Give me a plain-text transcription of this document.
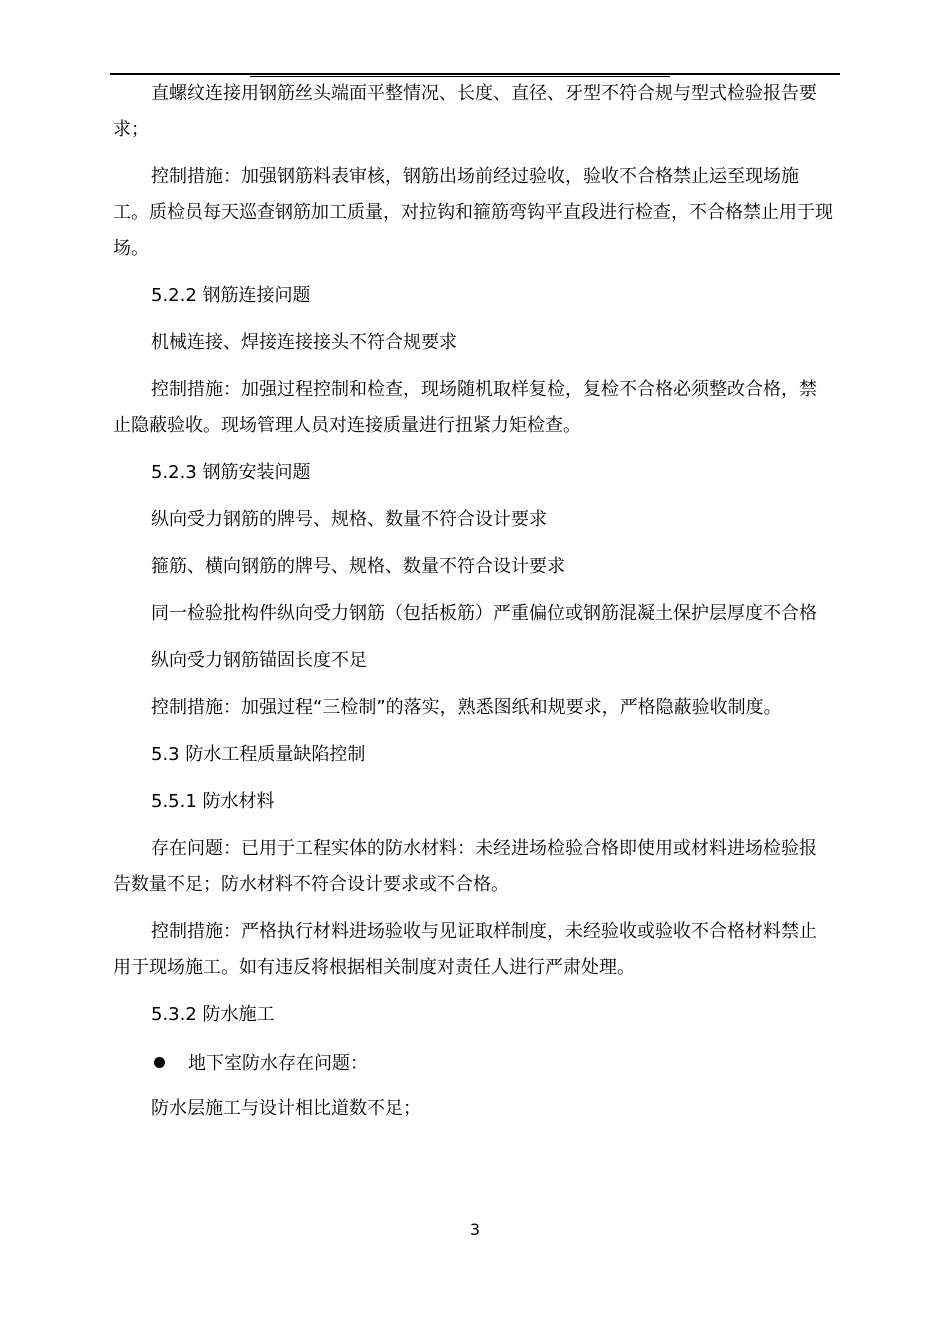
直螺纹连接用钢筋丝头端面平整情况、长度、直径、牙型不符合规与型式检验报告要求；

控制措施：加强钢筋料表审核，钢筋出场前经过验收，验收不合格禁止运至现场施工。质检员每天巡查钢筋加工质量，对拉钩和箍筋弯钩平直段进行检查，不合格禁止用于现场。

5.2.2 钢筋连接问题

机械连接、焊接连接接头不符合规要求

控制措施：加强过程控制和检查，现场随机取样复检，复检不合格必须整改合格，禁止隐蔽验收。现场管理人员对连接质量进行扭紧力矩检查。

5.2.3 钢筋安装问题

纵向受力钢筋的牌号、规格、数量不符合设计要求

箍筋、横向钢筋的牌号、规格、数量不符合设计要求

同一检验批构件纵向受力钢筋（包括板筋）严重偏位或钢筋混凝土保护层厚度不合格

纵向受力钢筋锚固长度不足

控制措施：加强过程“三检制”的落实，熟悉图纸和规要求，严格隐蔽验收制度。

5.3 防水工程质量缺陷控制

5.5.1 防水材料

存在问题：已用于工程实体的防水材料：未经进场检验合格即使用或材料进场检验报告数量不足；防水材料不符合设计要求或不合格。

控制措施：严格执行材料进场验收与见证取样制度，未经验收或验收不合格材料禁止用于现场施工。如有违反将根据相关制度对责任人进行严肃处理。

5.3.2 防水施工

地下室防水存在问题：

防水层施工与设计相比道数不足；

3
